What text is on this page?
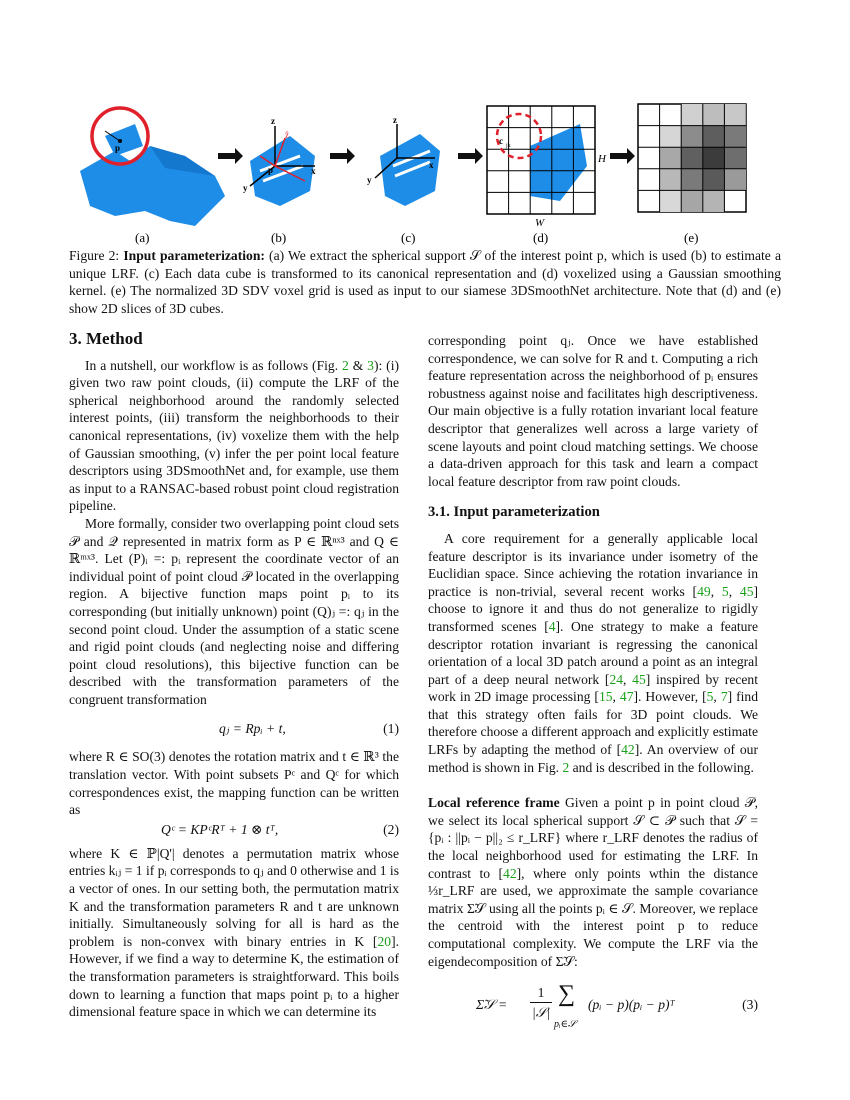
p
(a)
z
ẑ
x
y
p
(b)
z
x
y
(c)
c jk
H
W
(d)	(e)
Figure 2: Input parameterization: (a) We extract the spherical support 𝒮 of the interest point p, which is used (b) to estimate a unique LRF. (c) Each data cube is transformed to its canonical representation and (d) voxelized using a Gaussian smoothing kernel. (e) The normalized 3D SDV voxel grid is used as input to our siamese 3DSmoothNet architecture. Note that (d) and (e) show 2D slices of 3D cubes.
3. Method

In a nutshell, our workflow is as follows (Fig. 2 & 3): (i) given two raw point clouds, (ii) compute the LRF of the spherical neighborhood around the randomly selected interest points, (iii) transform the neighborhoods to their canonical representations, (iv) voxelize them with the help of Gaussian smoothing, (v) infer the per point local feature descriptors using 3DSmoothNet and, for example, use them as input to a RANSAC-based robust point cloud registration pipeline.

More formally, consider two overlapping point cloud sets 𝒫 and 𝒬 represented in matrix form as P ∈ ℝⁿˣ³ and Q ∈ ℝᵐˣ³. Let (P)ᵢ =: pᵢ represent the coordinate vector of an individual point of point cloud 𝒫 located in the overlapping region. A bijective function maps point pᵢ to its corresponding (but initially unknown) point (Q)ⱼ =: qⱼ in the second point cloud. Under the assumption of a static scene and rigid point clouds (and neglecting noise and differing point cloud resolutions), this bijective function can be described with the transformation parameters of the congruent transformation

qⱼ = Rpᵢ + t,	(1)

where R ∈ SO(3) denotes the rotation matrix and t ∈ ℝ³ the translation vector. With point subsets Pᶜ and Qᶜ for which correspondences exist, the mapping function can be written as

Qᶜ = KPᶜRᵀ + 1 ⊗ tᵀ,	(2)

where K ∈ ℙ|Q'| denotes a permutation matrix whose entries kᵢⱼ = 1 if pᵢ corresponds to qⱼ and 0 otherwise and 1 is a vector of ones. In our setting both, the permutation matrix K and the transformation parameters R and t are unknown initially. Simultaneously solving for all is hard as the problem is non-convex with binary entries in K [20]. However, if we find a way to determine K, the estimation of the transformation parameters is straightforward. This boils down to learning a function that maps point pᵢ to a higher dimensional feature space in which we can determine its

corresponding point qⱼ. Once we have established correspondence, we can solve for R and t. Computing a rich feature representation across the neighborhood of pᵢ ensures robustness against noise and facilitates high descriptiveness. Our main objective is a fully rotation invariant local feature descriptor that generalizes well across a large variety of scene layouts and point cloud matching settings. We choose a data-driven approach for this task and learn a compact local feature descriptor from raw point clouds.

3.1. Input parameterization

A core requirement for a generally applicable local feature descriptor is its invariance under isometry of the Euclidian space. Since achieving the rotation invariance in practice is non-trivial, several recent works [49, 5, 45] choose to ignore it and thus do not generalize to rigidly transformed scenes [4]. One strategy to make a feature descriptor rotation invariant is regressing the canonical orientation of a local 3D patch around a point as an integral part of a deep neural network [24, 45] inspired by recent work in 2D image processing [15, 47]. However, [5, 7] find that this strategy often fails for 3D point clouds. We therefore choose a different approach and explicitly estimate LRFs by adapting the method of [42]. An overview of our method is shown in Fig. 2 and is described in the following.

Local reference frame Given a point p in point cloud 𝒫, we select its local spherical support 𝒮 ⊂ 𝒫 such that 𝒮 = {pᵢ : ||pᵢ − p||₂ ≤ r_LRF} where r_LRF denotes the radius of the local neighborhood used for estimating the LRF. In contrast to [42], where only points wthin the distance ⅓r_LRF are used, we approximate the sample covariance matrix Σ̃𝒮 using all the points pᵢ ∈ 𝒮. Moreover, we replace the centroid with the interest point p to reduce computational complexity. We compute the LRF via the eigendecomposition of Σ̃𝒮:

Σ̃𝒮 =
1
|𝒮|
∑
pᵢ∈𝒮
(pᵢ − p)(pᵢ − p)ᵀ	(3)
